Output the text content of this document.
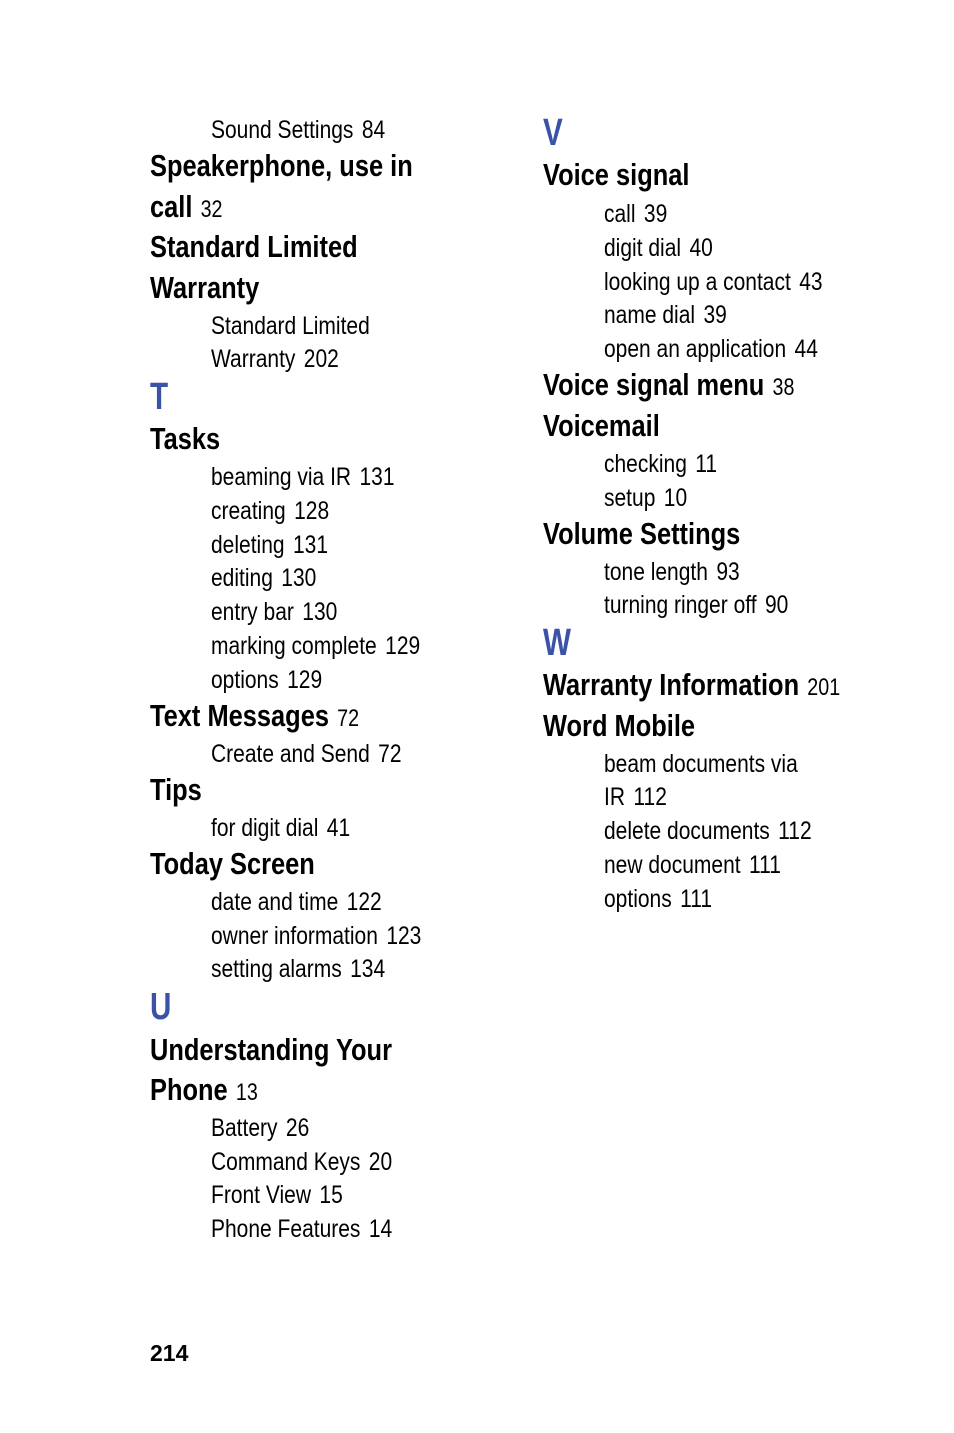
Sound Settings 84
Speakerphone, use in
call 32
Standard Limited
Warranty
Standard Limited
Warranty 202
T
Tasks
beaming via IR 131
creating 128
deleting 131
editing 130
entry bar 130
marking complete 129
options 129
Text Messages 72
Create and Send 72
Tips
for digit dial 41
Today Screen
date and time 122
owner information 123
setting alarms 134
U
Understanding Your
Phone 13
Battery 26
Command Keys 20
Front View 15
Phone Features 14
V
Voice signal
call 39
digit dial 40
looking up a contact 43
name dial 39
open an application 44
Voice signal menu 38
Voicemail
checking 11
setup 10
Volume Settings
tone length 93
turning ringer off 90
W
Warranty Information 201
Word Mobile
beam documents via
IR 112
delete documents 112
new document 111
options 111
214
